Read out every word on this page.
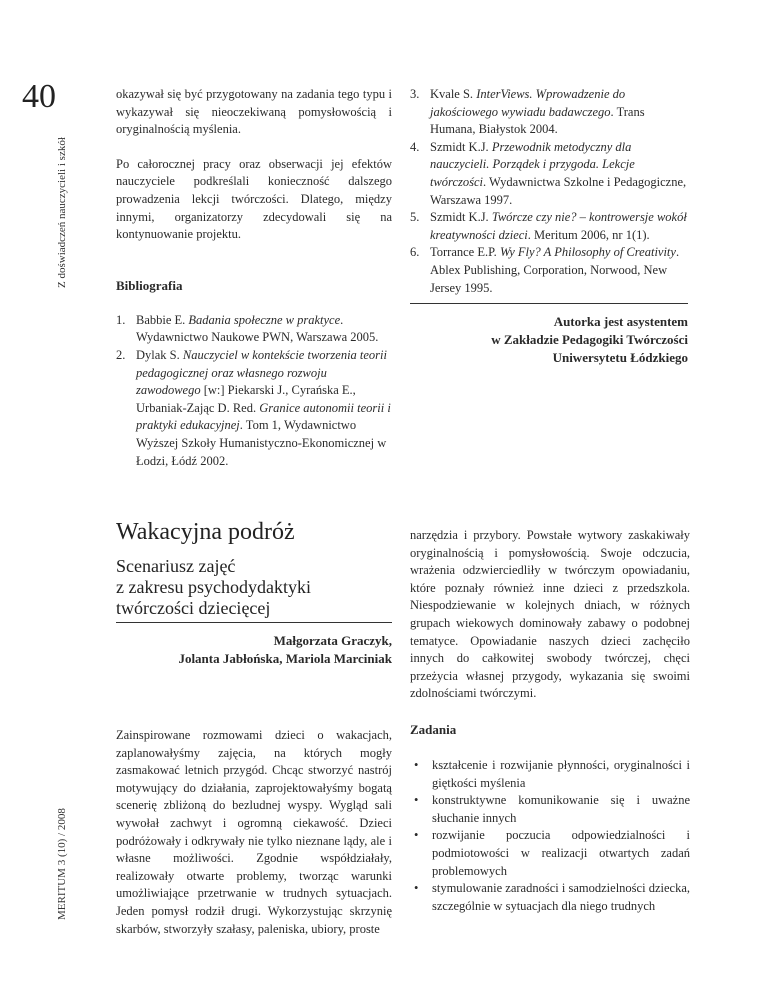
40
Z doświadczeń nauczycieli i szkół
MERITUM 3 (10) / 2008

okazywał się być przygotowany na zadania tego typu i wykazywał się nieoczekiwaną pomysłowością i oryginalnością myślenia.

Po całorocznej pracy oraz obserwacji jej efektów nauczyciele podkreślali konieczność dalszego prowadzenia lekcji twórczości. Dlatego, między innymi, organizatorzy zdecydowali się na kontynuowanie projektu.

Bibliografia
1. Babbie E. Badania społeczne w praktyce. Wydawnictwo Naukowe PWN, Warszawa 2005.
2. Dylak S. Nauczyciel w kontekście tworzenia teorii pedagogicznej oraz własnego rozwoju zawodowego [w:] Piekarski J., Cyrańska E., Urbaniak-Zając D. Red. Granice autonomii teorii i praktyki edukacyjnej. Tom 1, Wydawnictwo Wyższej Szkoły Humanistyczno-Ekonomicznej w Łodzi, Łódź 2002.
3. Kvale S. InterViews. Wprowadzenie do jakościowego wywiadu badawczego. Trans Humana, Białystok 2004.
4. Szmidt K.J. Przewodnik metodyczny dla nauczycieli. Porządek i przygoda. Lekcje twórczości. Wydawnictwa Szkolne i Pedagogiczne, Warszawa 1997.
5. Szmidt K.J. Twórcze czy nie? – kontrowersje wokół kreatywności dzieci. Meritum 2006, nr 1(1).
6. Torrance E.P. Wy Fly? A Philosophy of Creativity. Ablex Publishing, Corporation, Norwood, New Jersey 1995.
Autorka jest asystentem
w Zakładzie Pedagogiki Twórczości
Uniwersytetu Łódzkiego
Wakacyjna podróż
Scenariusz zajęć
z zakresu psychodydaktyki
twórczości dziecięcej
Małgorzata Graczyk,
Jolanta Jabłońska, Mariola Marciniak

narzędzia i przybory. Powstałe wytwory zaskakiwały oryginalnością i pomysłowością. Swoje odczucia, wrażenia odzwierciedliły w twórczym opowiadaniu, które poznały również inne dzieci z przedszkola. Niespodziewanie w kolejnych dniach, w różnych grupach wiekowych dominowały zabawy o podobnej tematyce. Opowiadanie naszych dzieci zachęciło innych do całkowitej swobody twórczej, chęci przeżycia własnej przygody, wykazania się swoimi zdolnościami twórczymi.

Zainspirowane rozmowami dzieci o wakacjach, zaplanowałyśmy zajęcia, na których mogły zasmakować letnich przygód. Chcąc stworzyć nastrój motywujący do działania, zaprojektowałyśmy bogatą scenerię zbliżoną do bezludnej wyspy. Wygląd sali wywołał zachwyt i ogromną ciekawość. Dzieci podróżowały i odkrywały nie tylko nieznane lądy, ale i własne możliwości. Zgodnie współdziałały, realizowały otwarte problemy, tworząc warunki umożliwiające przetrwanie w trudnych sytuacjach. Jeden pomysł rodził drugi. Wykorzystując skrzynię skarbów, stworzyły szałasy, paleniska, ubiory, proste

Zadania
• kształcenie i rozwijanie płynności, oryginalności i giętkości myślenia
• konstruktywne komunikowanie się i uważne słuchanie innych
• rozwijanie poczucia odpowiedzialności i podmiotowości w realizacji otwartych zadań problemowych
• stymulowanie zaradności i samodzielności dziecka, szczególnie w sytuacjach dla niego trudnych
